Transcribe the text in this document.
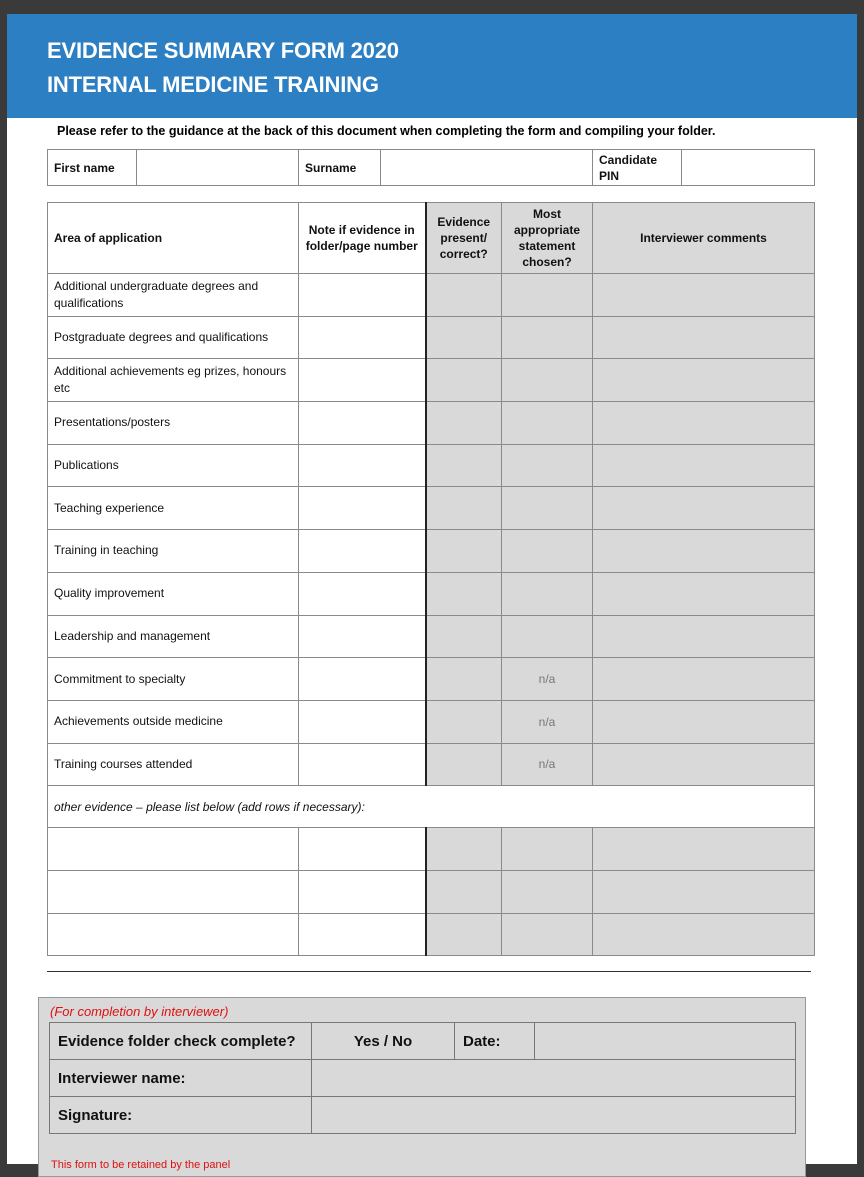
EVIDENCE SUMMARY FORM 2020
INTERNAL MEDICINE TRAINING
Please refer to the guidance at the back of this document when completing the form and compiling your folder.
First name		Surname		
Candidate
PIN

Area of application	Note if evidence in folder/page number	Evidence present/ correct?	Most appropriate statement chosen?	Interviewer comments
Additional undergraduate degrees and qualifications				
Postgraduate degrees and qualifications				
Additional achievements eg prizes, honours etc				
Presentations/posters				
Publications				
Teaching experience				
Training in teaching				
Quality improvement				
Leadership and management				
Commitment to specialty			n/a	
Achievements outside medicine			n/a	
Training courses attended			n/a	
other evidence – please list below (add rows if necessary):				

(For completion by interviewer)
Evidence folder check complete?	Yes / No	Date:	
Interviewer name:			
Signature:			
This form to be retained by the panel
